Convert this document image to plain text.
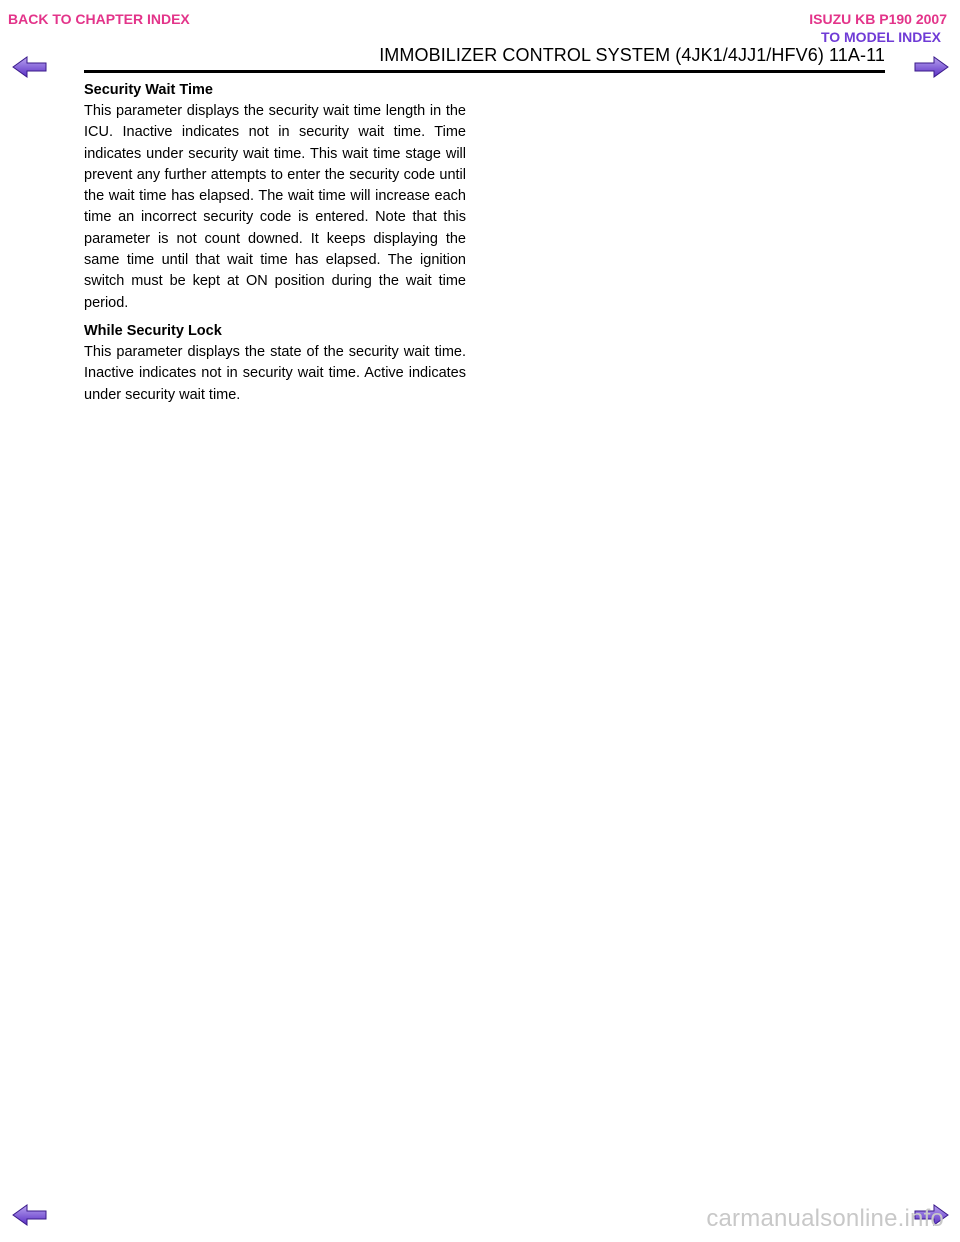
BACK TO CHAPTER INDEX	ISUZU KB P190 2007
TO MODEL INDEX
IMMOBILIZER CONTROL SYSTEM (4JK1/4JJ1/HFV6) 11A-11
Security Wait Time
This parameter displays the security wait time length in the ICU. Inactive indicates not in security wait time. Time indicates under security wait time. This wait time stage will prevent any further attempts to enter the security code until the wait time has elapsed. The wait time will increase each time an incorrect security code is entered. Note that this parameter is not count downed. It keeps displaying the same time until that wait time has elapsed. The ignition switch must be kept at ON position during the wait time period.
While Security Lock
This parameter displays the state of the security wait time. Inactive indicates not in security wait time. Active indicates under security wait time.
carmanualsonline.info
